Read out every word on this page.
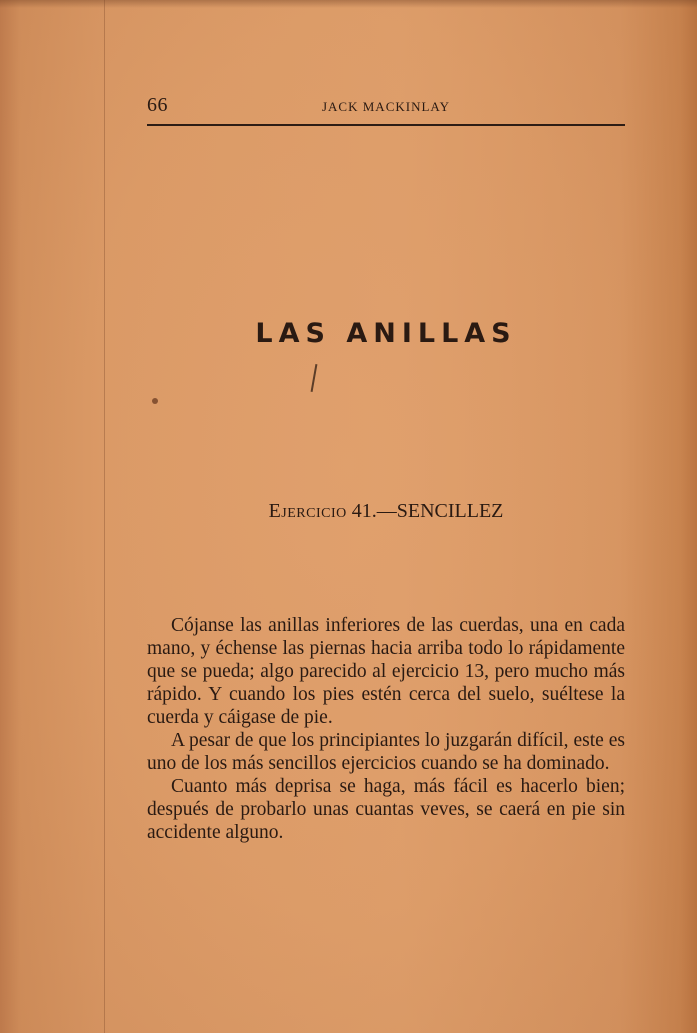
66	JACK MACKINLAY
LAS ANILLAS
Ejercicio 41.—SENCILLEZ

Cójanse las anillas inferiores de las cuerdas, una en cada mano, y échense las piernas hacia arriba todo lo rápidamente que se pueda; algo parecido al ejercicio 13, pero mucho más rápido. Y cuando los pies estén cerca del suelo, suéltese la cuerda y cáigase de pie.

A pesar de que los principiantes lo juzgarán difícil, este es uno de los más sencillos ejercicios cuando se ha dominado.

Cuanto más deprisa se haga, más fácil es hacerlo bien; después de probarlo unas cuantas veves, se caerá en pie sin accidente alguno.
